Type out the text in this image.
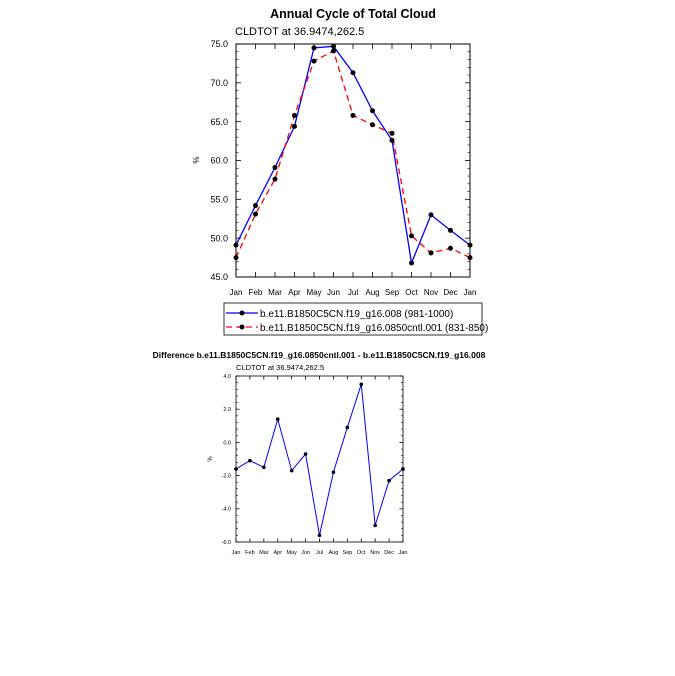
Annual Cycle of Total Cloud
CLDTOT at 36.9474,262.5
%
Jan Feb Mar Apr May Jun Jul Aug Sep Oct Nov Dec Jan
45.0
50.0
55.0
60.0
65.0
70.0
75.0
b.e11.B1850C5CN.f19_g16.008 (981-1000)
b.e11.B1850C5CN.f19_g16.0850cntl.001 (831-850)
Difference b.e11.B1850C5CN.f19_g16.0850cntl.001 - b.e11.B1850C5CN.f19_g16.008
CLDTOT at 36.9474,262.5
%
Jan Feb Mar Apr May Jun Jul Aug Sep Oct Nov Dec Jan
-6.0
-4.0
-2.0
0.0
2.0
4.0
